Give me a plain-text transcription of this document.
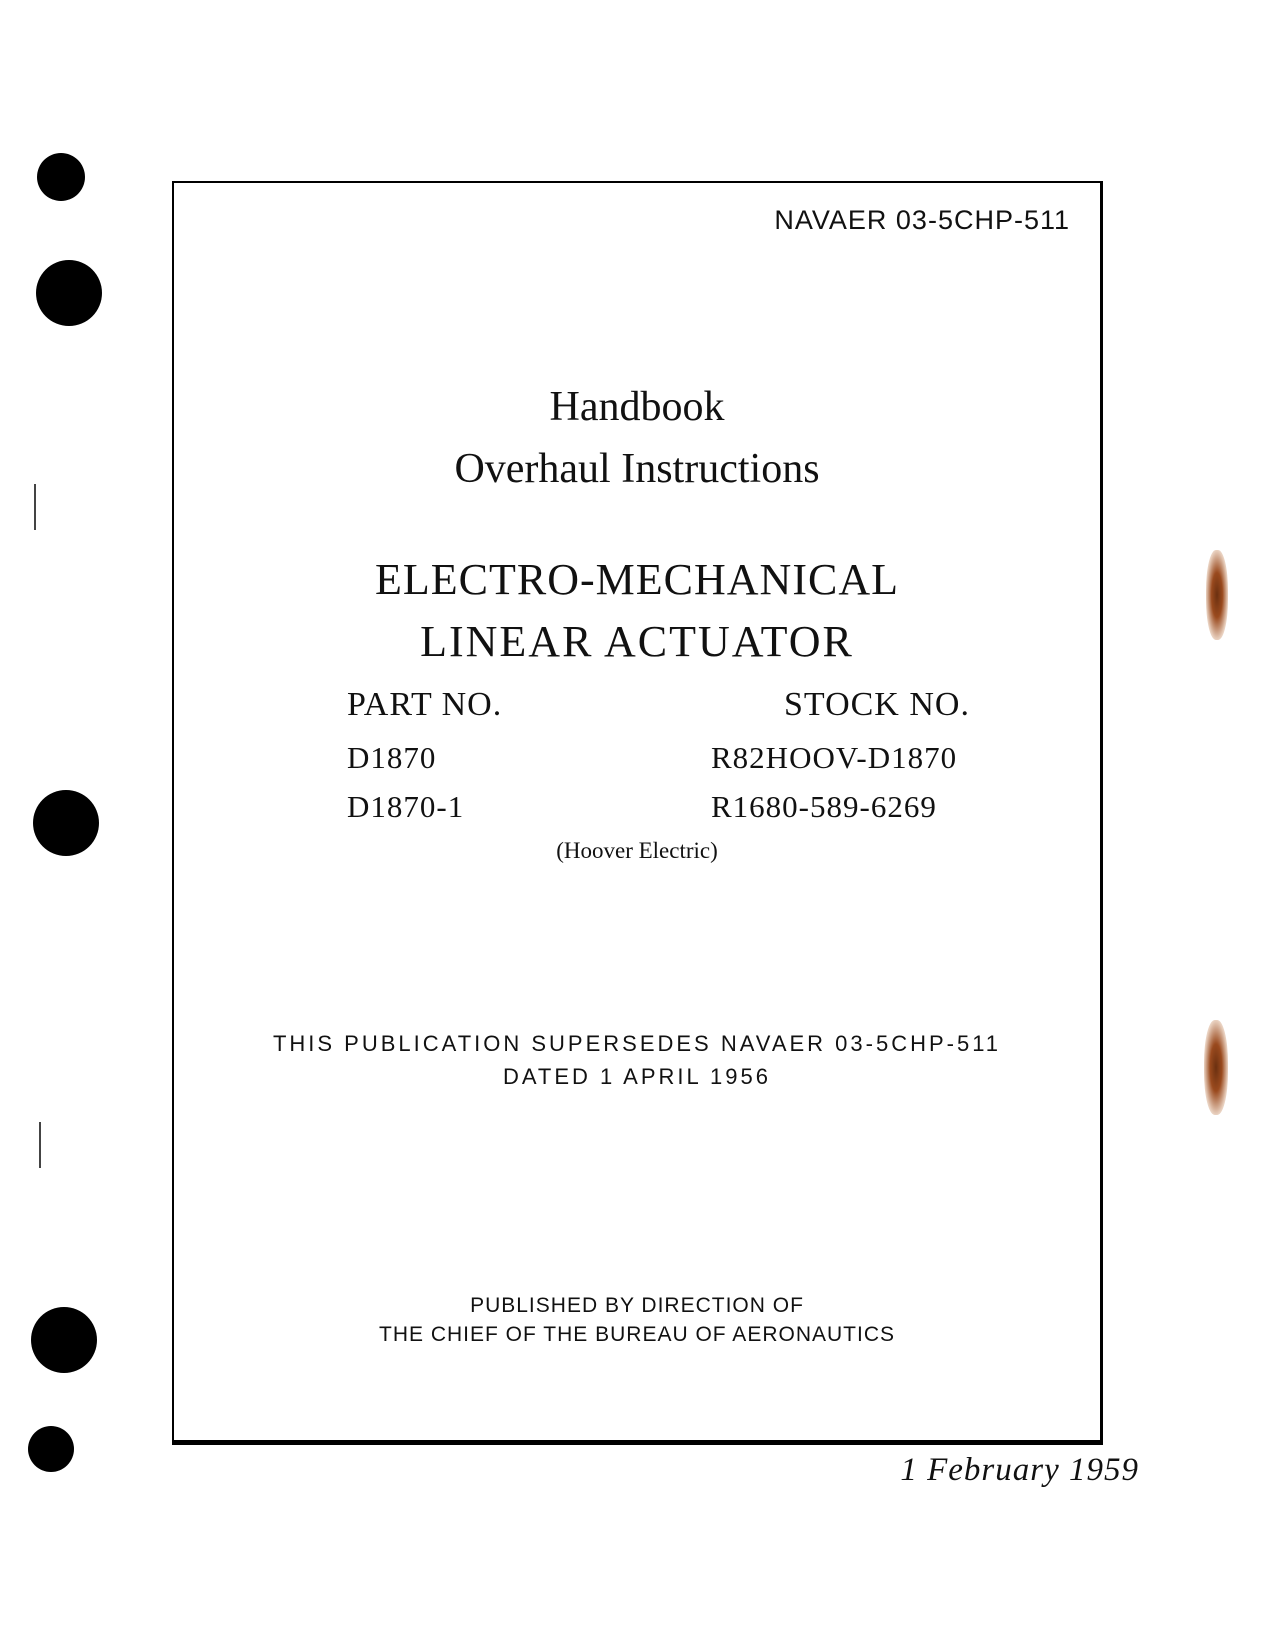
NAVAER 03-5CHP-511

Handbook
Overhaul Instructions
ELECTRO-MECHANICAL
LINEAR ACTUATOR
PART NO.	STOCK NO.
D1870	R82HOOV-D1870
D1870-1	R1680-589-6269
(Hoover Electric)
THIS PUBLICATION SUPERSEDES NAVAER 03-5CHP-511
DATED 1 APRIL 1956
PUBLISHED BY DIRECTION OF
THE CHIEF OF THE BUREAU OF AERONAUTICS
1 February 1959
